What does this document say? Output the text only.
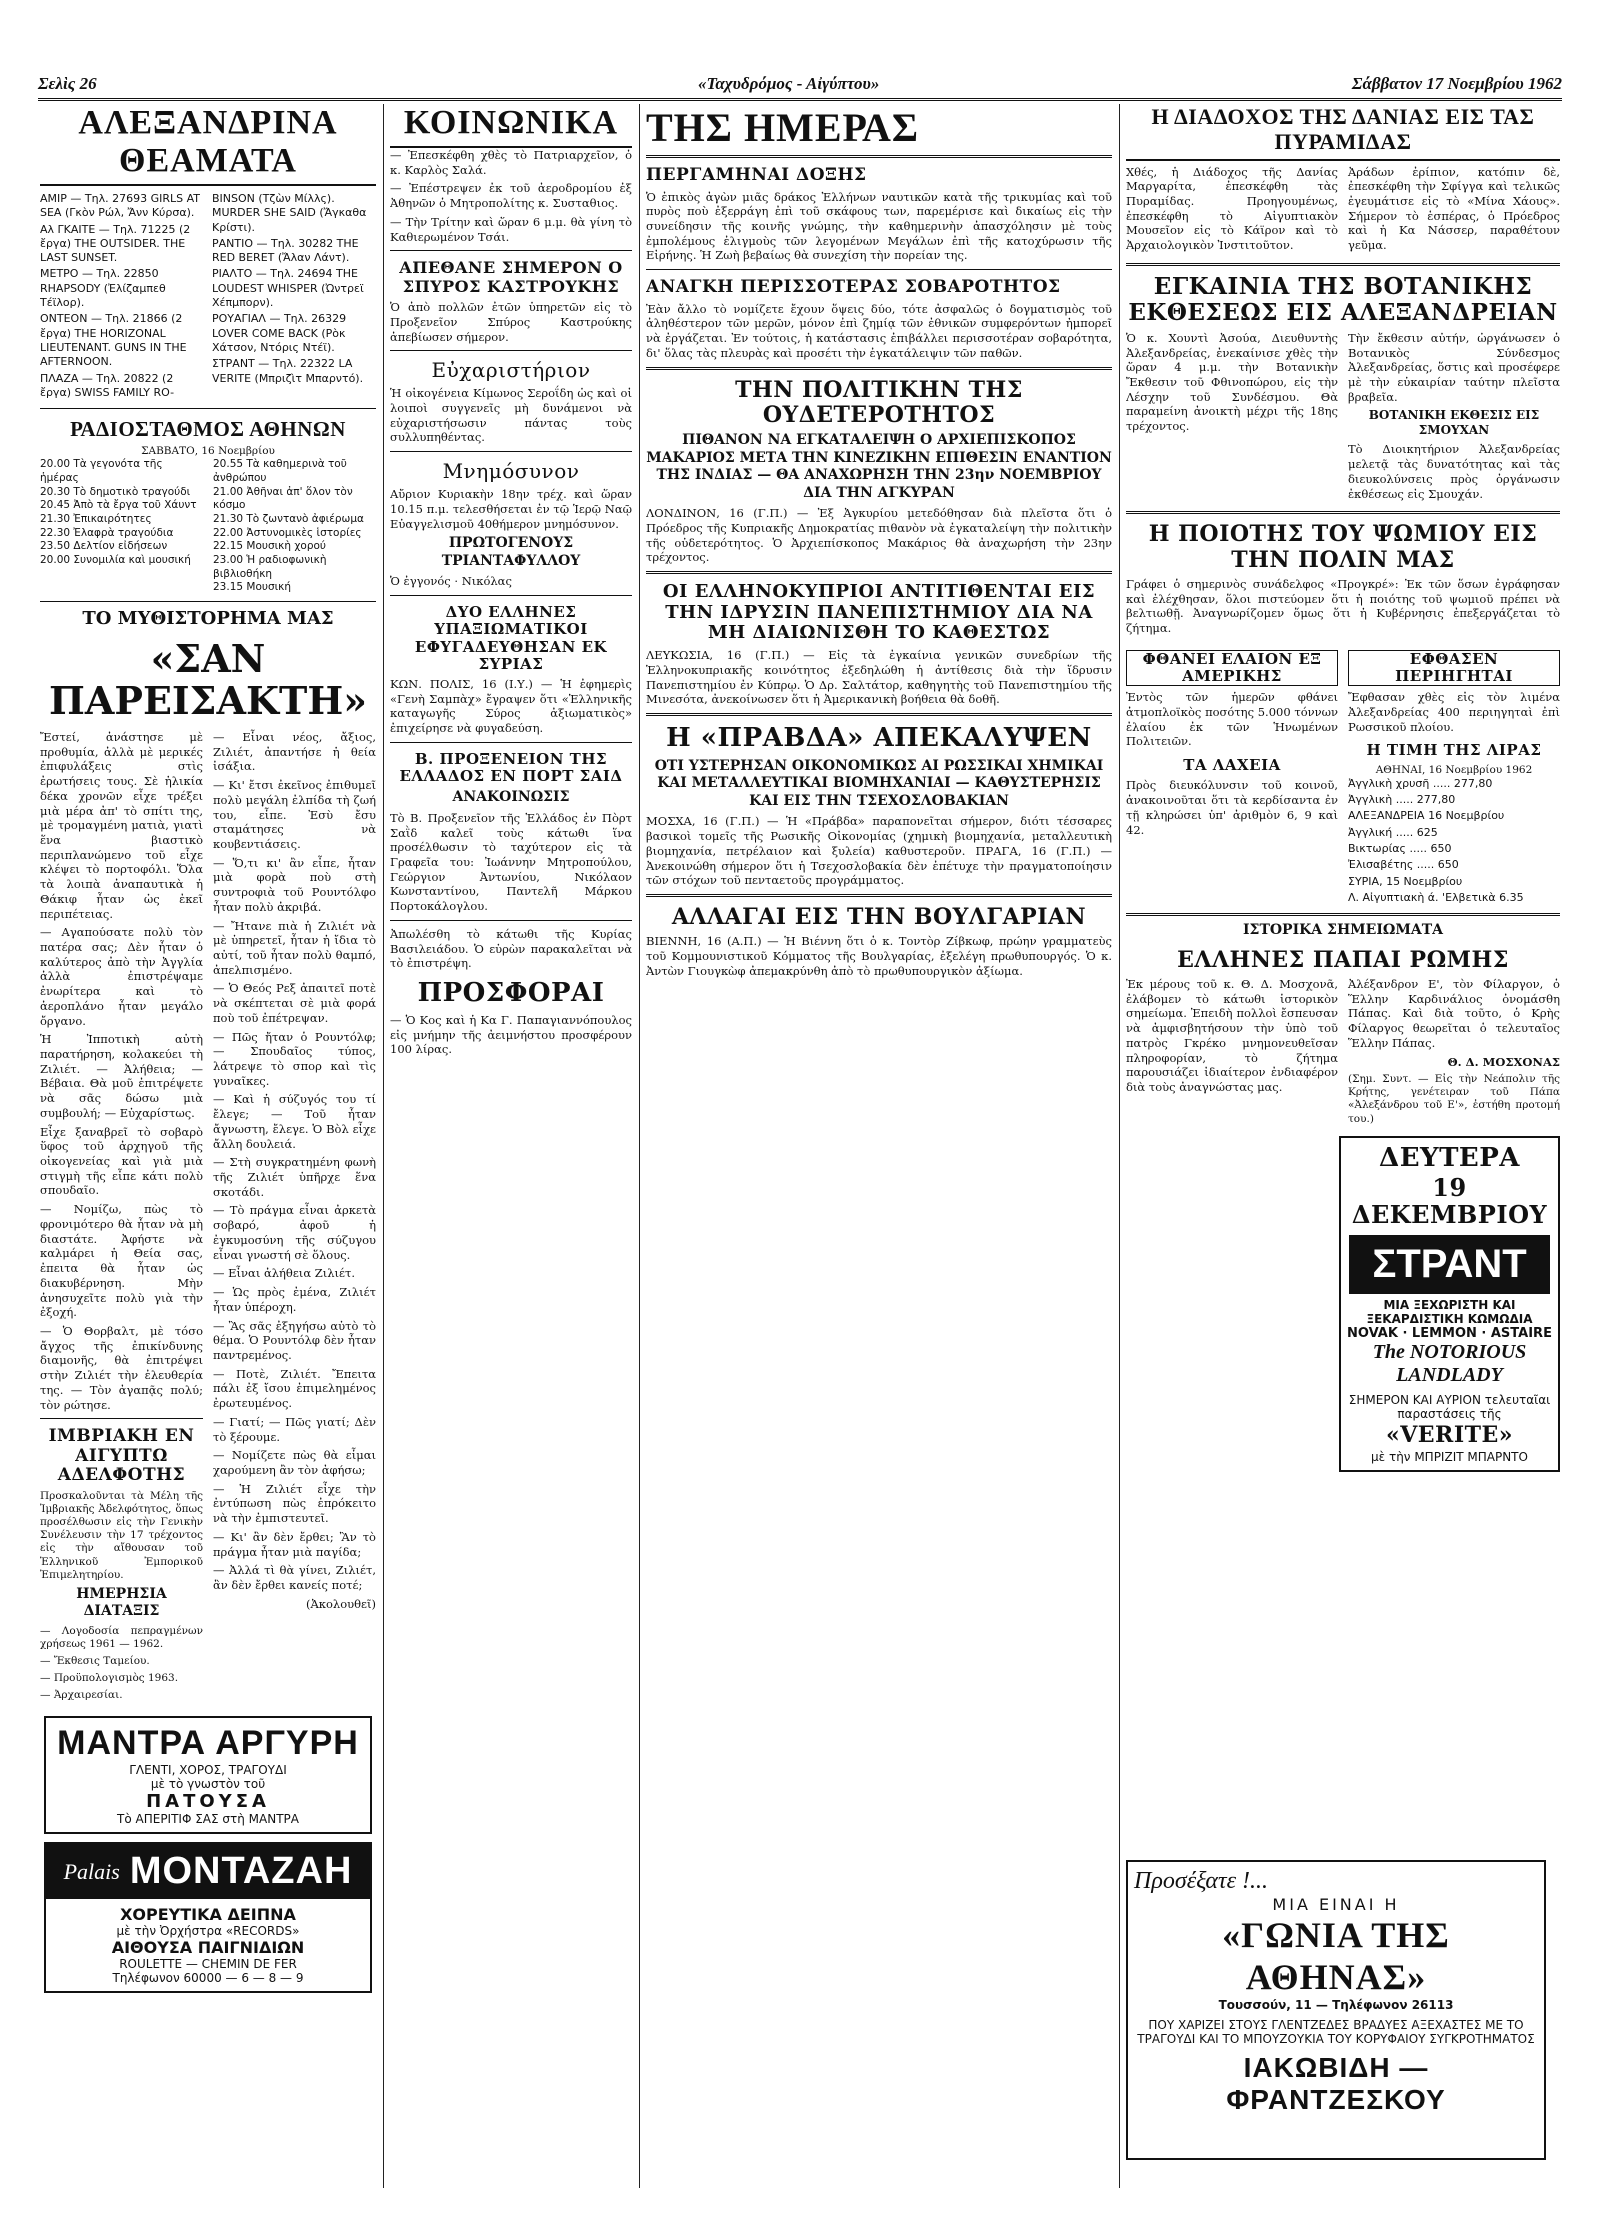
Σελὶς 26	«Ταχυδρόμος - Αἰγύπτου»	Σάββατον 17 Νοεμβρίου 1962
ΑΛΕΞΑΝΔΡΙΝΑ ΘΕΑΜΑΤΑ
ΑΜΙΡ — Τηλ. 27693 GIRLS AT SEA (Γκὸν Ρώλ, Ἄνν Κύρσα).
Αλ ΓΚΑΙΤΕ — Τηλ. 71225 (2 ἔργα) THE OUTSIDER. THE LAST SUNSET.
ΜΕΤΡΟ — Τηλ. 22850 RHAPSODY (Ἐλίζαμπεθ Τέϊλορ).
ΟΝΤΕΟΝ — Τηλ. 21866 (2 ἔργα) THE HORIZONAL LIEUTENANT. GUNS IN THE AFTERNOON.
ΠΛΑΖΑ — Τηλ. 20822 (2 ἔργα) SWISS FAMILY RO-
BINSON (Τζὼν Μίλλς). MURDER SHE SAID (Ἄγκαθα Κρίστι).
ΡΑΝΤΙΟ — Τηλ. 30282 THE RED BERET (Ἄλαν Λάντ).
ΡΙΑΛΤΟ — Τηλ. 24694 THE LOUDEST WHISPER (Ὠντρεϊ Χέπμπορν).
ΡΟΥΑΓΙΑΛ — Τηλ. 26329 LOVER COME BACK (Ρὸκ Χάτσον, Ντόρις Ντέϊ).
ΣΤΡΑΝΤ — Τηλ. 22322 LA VERITE (Μπριζὶτ Μπαρντό).
ΡΑΔΙΟΣΤΑΘΜΟΣ ΑΘΗΝΩΝ
ΣΑΒΒΑΤΟ, 16 Νοεμβρίου
20.00 Τὰ γεγονότα τῆς ἡμέρας
20.30 Τὸ δημοτικὸ τραγούδι
20.45 Ἀπὸ τὰ ἔργα τοῦ Χάυντ
21.30 Ἐπικαιρότητες
22.30 Ἐλαφρὰ τραγούδια
23.50 Δελτίον εἰδήσεων
20.00 Συνομιλία καὶ μουσική
20.55 Τὰ καθημερινὰ τοῦ ἀνθρώπου
21.00 Ἀθῆναι ἀπ' ὅλον τὸν κόσμο
21.30 Τὸ ζωντανὸ ἀφιέρωμα
22.00 Ἀστυνομικὲς ἱστορίες
22.15 Μουσικὴ χορού
23.00 Ἡ ραδιοφωνικὴ βιβλιοθήκη
23.15 Μουσική
ΤΟ ΜΥΘΙΣΤΟΡΗΜΑ ΜΑΣ
«ΣΑΝ ΠΑΡΕΙΣΑΚΤΗ»

Ἔστεί, ἀνάστησε μὲ προθυμία, ἀλλὰ μὲ μερικές ἐπιφυλάξεις στὶς ἐρωτήσεις τους. Σὲ ἡλικία δέκα χρονῶν εἶχε τρέξει μιὰ μέρα ἀπ' τὸ σπίτι της, μὲ τρομαγμένη ματιὰ, γιατὶ ἕνα βιαστικὸ περιπλανώμενο τοῦ εἶχε κλέψει τὸ πορτοφόλι. Ὅλα τὰ λοιπὰ ἀναπαυτικὰ ἡ Θάκιφ ἦταν ὡς ἐκεῖ περιπέτειας.

— Αγαπούσατε πολὺ τὸν πατέρα σας; Δὲν ἦταν ὁ καλύτερος ἀπὸ τὴν Ἀγγλία ἀλλὰ ἐπιστρέψαμε ἐνωρίτερα καὶ τὸ ἀεροπλάνο ἦταν μεγάλο ὄργανο.

Ἡ Ἰπποτικὴ αὐτὴ παρατήρηση, κολακεύει τὴ Ζιλιέτ. — Ἀλήθεια; — Βέβαια. Θὰ μοῦ ἐπιτρέψετε νὰ σᾶς δώσω μιὰ συμβουλή; — Εὐχαρίστως.

Εἶχε ξαναβρεῖ τὸ σοβαρὸ ὕφος τοῦ ἀρχηγοῦ τῆς οἰκογενείας καὶ γιὰ μιὰ στιγμὴ τῆς εἶπε κάτι πολὺ σπουδαῖο.

— Νομίζω, πὼς τὸ φρονιμότερο θὰ ἦταν νὰ μὴ διαστάτε. Ἀφήστε νὰ καλμάρει ἡ Θεία σας, ἐπειτα θὰ ἦταν ὡς διακυβέρνηση. Μὴν ἀνησυχεῖτε πολὺ γιὰ τὴν ἐξοχή.

— Ὁ Θορβαλτ, μὲ τόσο ἄγχος τῆς ἐπικίνδυνης διαμονῆς, θὰ ἐπιτρέψει στὴν Ζιλιέτ τὴν ἐλευθερία της. — Τὸν ἀγαπᾷς πολύ; τὸν ρώτησε.

ΙΜΒΡΙΑΚΗ ΕΝ ΑΙΓΥΠΤΩ ΑΔΕΛΦΟΤΗΣ

Προσκαλοῦνται τὰ Μέλη τῆς Ἰμβριακῆς Ἀδελφότητος, ὅπως προσέλθωσιν εἰς τὴν Γενικὴν Συνέλευσιν τὴν 17 τρέχοντος εἰς τὴν αἴθουσαν τοῦ Ἑλληνικοῦ Ἐμπορικοῦ Ἐπιμελητηρίου.

ΗΜΕΡΗΣΙΑ ΔΙΑΤΑΞΙΣ

— Λογοδοσία πεπραγμένων χρήσεως 1961 — 1962.

— Ἔκθεσις Ταμείου.

— Προϋπολογισμὸς 1963.

— Ἀρχαιρεσίαι.

— Εἶναι νέος, ἄξιος, Ζιλιέτ, ἀπαντήσε ἡ θεία ἰσάξια.

— Κι' ἔτσι ἐκεῖνος ἐπιθυμεῖ πολὺ μεγάλη ἐλπίδα τὴ ζωή του, εἶπε. Ἐσὺ ἔσυ σταμάτησες νὰ κουβεντιάσεις.

— Ὅ,τι κι' ἂν εἶπε, ἦταν μιὰ φορὰ ποὺ στὴ συντροφιὰ τοῦ Ρουντόλφο ἦταν πολὺ ἀκριβά.

— Ἤτανε πιὰ ἡ Ζιλιέτ νὰ μὲ ὑπηρετεῖ, ἦταν ἡ ἴδια τὸ αὐτί, τοῦ ἦταν πολὺ θαμπό, ἀπελπισμένο.

— Ὁ Θεός Ρεξ ἀπαιτεῖ ποτὲ νὰ σκέπτεται σὲ μιὰ φορά ποὺ τοῦ ἐπέτρεψαν.

— Πῶς ἤταν ὁ Ρουντόλφ; — Σπουδαῖος τύπος, λάτρεψε τὸ σπορ καὶ τὶς γυναῖκες.

— Καὶ ἡ σύζυγός του τί ἔλεγε; — Τοῦ ἦταν ἄγνωστη, ἔλεγε. Ὁ Βὸλ εἶχε ἄλλη δουλειά.

— Στὴ συγκρατημένη φωνὴ τῆς Ζιλιέτ ὑπῆρχε ἕνα σκοτάδι.

— Τὸ πράγμα εἶναι ἀρκετὰ σοβαρό, ἀφοῦ ἡ ἐγκυμοσύνη τῆς σύζυγου εἶναι γνωστή σὲ ὅλους.

— Εἶναι ἀλήθεια Ζιλιέτ.

— Ὡς πρὸς ἐμένα, Ζιλιέτ ἦταν ὑπέροχη.

— Ἂς σᾶς ἐξηγήσω αὐτὸ τὸ θέμα. Ὁ Ρουντόλφ δὲν ἦταν παντρεμένος.

— Ποτὲ, Ζιλιέτ. Ἔπειτα πάλι ἐξ ἴσου ἐπιμελημένος ἐρωτευμένος.

— Γιατί; — Πῶς γιατί; Δὲν τὸ ξέρουμε.

— Νομίζετε πὼς θὰ εἶμαι χαρούμενη ἂν τὸν ἀφήσω;

— Ἡ Ζιλιέτ εἶχε τὴν ἐντύπωση πὼς ἐπρόκειτο νὰ τὴν ἐμπιστευτεῖ.

— Κι' ἂν δὲν ἔρθει; Ἂν τὸ πράγμα ἦταν μιὰ παγίδα;

— Ἀλλά τὶ θὰ γίνει, Ζιλιέτ, ἂν δὲν ἔρθει κανείς ποτέ;

(Ἀκολουθεῖ)

ΜΑΝΤΡΑ ΑΡΓΥΡΗ
ΓΛΕΝΤΙ, ΧΟΡΟΣ, ΤΡΑΓΟΥΔΙ
μὲ τὸ γνωστὸν τοῦ
ΠΑΤΟΥΣΑ
Τὸ ΑΠΕΡΙΤΙΦ ΣΑΣ στὴ ΜΑΝΤΡΑ
Palais ΜΟΝΤΑΖΑΗ
ΧΟΡΕΥΤΙΚΑ ΔΕΙΠΝΑ
μὲ τὴν Ὀρχήστρα «RECORDS»
ΑΙΘΟΥΣΑ ΠΑΙΓΝΙΔΙΩΝ
ROULETTE — CHEMIN DE FER
Τηλέφωνον 60000 — 6 — 8 — 9
ΚΟΙΝΩΝΙΚΑ

— Ἐπεσκέφθη χθὲς τὸ Πατριαρχεῖον, ὁ κ. Καρλὸς Σαλά.

— Ἐπέστρεψεν ἐκ τοῦ ἀεροδρομίου ἐξ Ἀθηνῶν ὁ Μητροπολίτης κ. Συσταθιος.

— Τὴν Τρίτην καὶ ὥραν 6 μ.μ. θὰ γίνη τὸ Καθιερωμένον Τσάι.

ΑΠΕΘΑΝΕ ΣΗΜΕΡΟΝ Ο ΣΠΥΡΟΣ ΚΑΣΤΡΟΥΚΗΣ

Ὁ ἀπὸ πολλῶν ἐτῶν ὑπηρετῶν εἰς τὸ Προξενεῖον Σπύρος Καστρούκης ἀπεβίωσεν σήμερον.

Εὐχαριστήριον

Ἡ οἰκογένεια Κίμωνος Σεροΐδη ὡς καὶ οἱ λοιποὶ συγγενεῖς μὴ δυνάμενοι νὰ εὐχαριστήσωσιν πάντας τοὺς συλλυπηθέντας.

Μνημόσυνον

Αὔριον Κυριακὴν 18ην τρέχ. καὶ ὥραν 10.15 π.μ. τελεσθήσεται ἐν τῷ Ἱερῷ Ναῷ Εὐαγγελισμοῦ 40θήμερον μνημόσυνον.

ΠΡΩΤΟΓΕΝΟΥΣ ΤΡΙΑΝΤΑΦΥΛΛΟΥ

Ὁ ἐγγονός · Νικόλας

ΔΥΟ ΕΛΛΗΝΕΣ ΥΠΑΞΙΩΜΑΤΙΚΟΙ ΕΦΥΓΑΔΕΥΘΗΣΑΝ ΕΚ ΣΥΡΙΑΣ

ΚΩΝ. ΠΟΛΙΣ, 16 (Ι.Υ.) — Ἡ ἐφημερὶς «Γενὴ Σαμπὰχ» ἔγραψεν ὅτι «Ἑλληνικῆς καταγωγῆς Σύρος ἀξιωματικὸς» ἐπιχείρησε νὰ φυγαδεύση.

Β. ΠΡΟΞΕΝΕΙΟΝ ΤΗΣ ΕΛΛΑΔΟΣ ΕΝ ΠΟΡΤ ΣΑΙΔ
ΑΝΑΚΟΙΝΩΣΙΣ

Τὸ Β. Προξενεῖον τῆς Ἑλλάδος ἐν Πὸρτ Σαῒδ καλεῖ τοὺς κάτωθι ἵνα προσέλθωσιν τὸ ταχύτερον εἰς τὰ Γραφεῖα του: Ἰωάννην Μητροπούλου, Γεώργιον Ἀντωνίου, Νικόλαον Κωνσταντίνου, Παντελῆ Μάρκου Πορτοκάλογλου.

Ἀπωλέσθη τὸ κάτωθι τῆς Κυρίας Βασιλειάδου. Ὁ εὑρὼν παρακαλεῖται νὰ τὸ ἐπιστρέψη.

ΠΡΟΣΦΟΡΑΙ

— Ὁ Κος καὶ ἡ Κα Γ. Παπαγιαννόπουλος εἰς μνήμην τῆς ἀειμνήστου προσφέρουν 100 λίρας.

ΤΗΣ ΗΜΕΡΑΣ
ΠΕΡΓΑΜΗΝΑΙ ΔΟΞΗΣ

Ὁ ἐπικὸς ἀγὼν μιᾶς δράκος Ἑλλήνων ναυτικῶν κατὰ τῆς τρικυμίας καὶ τοῦ πυρὸς ποὺ ἐξερράγη ἐπὶ τοῦ σκάφους των, παρεμέρισε καὶ δικαίως εἰς τὴν συνείδησιν τῆς κοινῆς γνώμης, τὴν καθημερινὴν ἀπασχόλησιν μὲ τοὺς ἐμπολέμους ἐλιγμοὺς τῶν λεγομένων Μεγάλων ἐπὶ τῆς κατοχύρωσιν τῆς Εἰρήνης. Ἡ Ζωὴ βεβαίως θὰ συνεχίση τὴν πορείαν της.

ΑΝΑΓΚΗ ΠΕΡΙΣΣΟΤΕΡΑΣ ΣΟΒΑΡΟΤΗΤΟΣ

Ἐὰν ἄλλο τὸ νομίζετε ἔχουν ὅψεις δύο, τότε ἀσφαλῶς ὁ δογματισμὸς τοῦ ἀληθέστερον τῶν μερῶν, μόνον ἐπὶ ζημίᾳ τῶν ἐθνικῶν συμφερόντων ἠμπορεῖ νὰ ἐργάζεται. Ἐν τούτοις, ἡ κατάστασις ἐπιβάλλει περισσοτέραν σοβαρότητα, δι' ὅλας τὰς πλευρὰς καὶ προσέτι τὴν ἐγκατάλειψιν τῶν παθῶν.

ΤΗΝ ΠΟΛΙΤΙΚΗΝ ΤΗΣ ΟΥΔΕΤΕΡΟΤΗΤΟΣ
ΠΙΘΑΝΟΝ ΝΑ ΕΓΚΑΤΑΛΕΙΨΗ Ο ΑΡΧΙΕΠΙΣΚΟΠΟΣ ΜΑΚΑΡΙΟΣ ΜΕΤΑ ΤΗΝ ΚΙΝΕΖΙΚΗΝ ΕΠΙΘΕΣΙΝ ΕΝΑΝΤΙΟΝ ΤΗΣ ΙΝΔΙΑΣ — ΘΑ ΑΝΑΧΩΡΗΣΗ ΤΗΝ 23ην ΝΟΕΜΒΡΙΟΥ ΔΙΑ ΤΗΝ ΑΓΚΥΡΑΝ

ΛΟΝΔΙΝΟΝ, 16 (Γ.Π.) — Ἐξ Ἀγκυρίου μετεδόθησαν διὰ πλεῖστα ὅτι ὁ Πρόεδρος τῆς Κυπριακῆς Δημοκρατίας πιθανὸν νὰ ἐγκαταλείψη τὴν πολιτικὴν τῆς οὐδετερότητος. Ὁ Ἀρχιεπίσκοπος Μακάριος θὰ ἀναχωρήση τὴν 23ην τρέχοντος.

ΟΙ ΕΛΛΗΝΟΚΥΠΡΙΟΙ ΑΝΤΙΤΙΘΕΝΤΑΙ ΕΙΣ ΤΗΝ ΙΔΡΥΣΙΝ ΠΑΝΕΠΙΣΤΗΜΙΟΥ ΔΙΑ ΝΑ ΜΗ ΔΙΑΙΩΝΙΣΘΗ ΤΟ ΚΑΘΕΣΤΩΣ

ΛΕΥΚΩΣΙΑ, 16 (Γ.Π.) — Εἰς τὰ ἐγκαίνια γενικῶν συνεδρίων τῆς Ἑλληνοκυπριακῆς κοινότητος ἐξεδηλώθη ἡ ἀντίθεσις διὰ τὴν ἵδρυσιν Πανεπιστημίου ἐν Κύπρῳ. Ὁ Δρ. Σαλτάτορ, καθηγητὴς τοῦ Πανεπιστημίου τῆς Μινεσότα, ἀνεκοίνωσεν ὅτι ἡ Ἀμερικανικὴ βοήθεια θὰ δοθῆ.

Η «ΠΡΑΒΔΑ» ΑΠΕΚΑΛΥΨΕΝ
ΟΤΙ ΥΣΤΕΡΗΣΑΝ ΟΙΚΟΝΟΜΙΚΩΣ ΑΙ ΡΩΣΣΙΚΑΙ ΧΗΜΙΚΑΙ ΚΑΙ ΜΕΤΑΛΛΕΥΤΙΚΑΙ ΒΙΟΜΗΧΑΝΙΑΙ — ΚΑΘΥΣΤΕΡΗΣΙΣ ΚΑΙ ΕΙΣ ΤΗΝ ΤΣΕΧΟΣΛΟΒΑΚΙΑΝ

ΜΟΣΧΑ, 16 (Γ.Π.) — Ἡ «Πράβδα» παραπονεῖται σήμερον, διότι τέσσαρες βασικοὶ τομεῖς τῆς Ρωσικῆς Οἰκονομίας (χημικὴ βιομηχανία, μεταλλευτικὴ βιομηχανία, πετρέλαιον καὶ ξυλεία) καθυστεροῦν. ΠΡΑΓΑ, 16 (Γ.Π.) — Ἀνεκοινώθη σήμερον ὅτι ἡ Τσεχοσλοβακία δὲν ἐπέτυχε τὴν πραγματοποίησιν τῶν στόχων τοῦ πενταετοῦς προγράμματος.

ΑΛΛΑΓΑΙ ΕΙΣ ΤΗΝ ΒΟΥΛΓΑΡΙΑΝ

ΒΙΕΝΝΗ, 16 (Α.Π.) — Ἡ Βιέννη ὅτι ὁ κ. Τοντὸρ Ζίβκωφ, πρώην γραμματεὺς τοῦ Κομμουνιστικοῦ Κόμματος τῆς Βουλγαρίας, ἐξελέγη πρωθυπουργός. Ὁ κ. Ἀντὼν Γιουγκὼφ ἀπεμακρύνθη ἀπὸ τὸ πρωθυπουργικὸν ἀξίωμα.

Η ΔΙΑΔΟΧΟΣ ΤΗΣ ΔΑΝΙΑΣ ΕΙΣ ΤΑΣ ΠΥΡΑΜΙΔΑΣ

Χθές, ἡ Διάδοχος τῆς Δανίας Μαργαρίτα, ἐπεσκέφθη τὰς Πυραμίδας. Προηγουμένως, ἐπεσκέφθη τὸ Αἰγυπτιακὸν Μουσεῖον εἰς τὸ Κάϊρον καὶ τὸ Ἀρχαιολογικὸν Ἰνστιτοῦτον.

Ἀράδων ἐρίπιον, κατόπιν δὲ, ἐπεσκέφθη τὴν Σφίγγα καὶ τελικῶς ἐγευμάτισε εἰς τὸ «Μίνα Χάους». Σήμερον τὸ ἑσπέρας, ὁ Πρόεδρος καὶ ἡ Κα Νάσσερ, παραθέτουν γεῦμα.

ΕΓΚΑΙΝΙΑ ΤΗΣ ΒΟΤΑΝΙΚΗΣ ΕΚΘΕΣΕΩΣ ΕΙΣ ΑΛΕΞΑΝΔΡΕΙΑΝ

Ὁ κ. Χουντὶ Ἀσούα, Διευθυντὴς Ἀλεξανδρείας, ἐνεκαίνισε χθὲς τὴν ὥραν 4 μ.μ. τὴν Βοτανικὴν Ἔκθεσιν τοῦ Φθινοπώρου, εἰς τὴν Λέσχην τοῦ Συνδέσμου. Θὰ παραμείνη ἀνοικτὴ μέχρι τῆς 18ης τρέχοντος.

Τὴν ἔκθεσιν αὐτήν, ὠργάνωσεν ὁ Βοτανικὸς Σύνδεσμος Ἀλεξανδρείας, ὅστις καὶ προσέφερε μὲ τὴν εὐκαιρίαν ταύτην πλεῖστα βραβεῖα.

ΒΟΤΑΝΙΚΗ ΕΚΘΕΣΙΣ ΕΙΣ ΣΜΟΥΧΑΝ

Τὸ Διοικητήριον Ἀλεξανδρείας μελετᾷ τὰς δυνατότητας καὶ τὰς διευκολύνσεις πρὸς ὀργάνωσιν ἐκθέσεως εἰς Σμουχάν.

Η ΠΟΙΟΤΗΣ ΤΟΥ ΨΩΜΙΟΥ ΕΙΣ ΤΗΝ ΠΟΛΙΝ ΜΑΣ

Γράφει ὁ σημερινὸς συνάδελφος «Προγκρέ»: Ἐκ τῶν ὅσων ἐγράφησαν καὶ ἐλέχθησαν, ὅλοι πιστεύομεν ὅτι ἡ ποιότης τοῦ ψωμιοῦ πρέπει νὰ βελτιωθῇ. Ἀναγνωρίζομεν ὅμως ὅτι ἡ Κυβέρνησις ἐπεξεργάζεται τὸ ζήτημα.

ΦΘΑΝΕΙ ΕΛΑΙΟΝ ΕΞ ΑΜΕΡΙΚΗΣ

Ἐντὸς τῶν ἡμερῶν φθάνει ἀτμοπλοϊκὸς ποσότης 5.000 τόννων ἐλαίου ἐκ τῶν Ἡνωμένων Πολιτειῶν.

ΤΑ ΛΑΧΕΙΑ

Πρὸς διευκόλυνσιν τοῦ κοινοῦ, ἀνακοινοῦται ὅτι τὰ κερδίσαντα ἐν τῇ κληρώσει ὑπ' ἀριθμὸν 6, 9 καὶ 42.

ΕΦΘΑΣΕΝ ΠΕΡΙΗΓΗΤΑΙ

Ἔφθασαν χθὲς εἰς τὸν λιμένα Ἀλεξανδρείας 400 περιηγηταὶ ἐπὶ Ρωσσικοῦ πλοίου.

Η ΤΙΜΗ ΤΗΣ ΛΙΡΑΣ
ΑΘΗΝΑΙ, 16 Νοεμβρίου 1962
Ἀγγλικὴ χρυσῆ ..... 277,80
Ἀγγλικὴ ..... 277,80
ΑΛΕΞΑΝΔΡΕΙΑ 16 Νοεμβρίου
Ἀγγλική ..... 625
Βικτωρίας ..... 650
Ἐλισαβέτης ..... 650
ΣΥΡΙΑ, 15 Νοεμβρίου
Λ. Αἰγυπτιακὴ ά. 'Ελβετικὰ 6.35
ΙΣΤΟΡΙΚΑ ΣΗΜΕΙΩΜΑΤΑ
ΕΛΛΗΝΕΣ ΠΑΠΑΙ ΡΩΜΗΣ

Ἐκ μέρους τοῦ κ. Θ. Δ. Μοσχονᾶ, ἐλάβομεν τὸ κάτωθι ἱστορικὸν σημείωμα. Ἐπειδὴ πολλοὶ ἔσπευσαν νὰ ἀμφισβητήσουν τὴν ὑπὸ τοῦ πατρὸς Γκρέκο μνημονευθεῖσαν πληροφορίαν, τὸ ζήτημα παρουσιάζει ἰδιαίτερον ἐνδιαφέρον διὰ τοὺς ἀναγνώστας μας.

Ἀλέξανδρον Ε', τὸν Φίλαργον, ὁ Ἕλλην Καρδινάλιος ὀνομάσθη Πάπας. Καὶ διὰ τοῦτο, ὁ Κρὴς Φίλαργος θεωρεῖται ὁ τελευταῖος Ἕλλην Πάπας.

Θ. Δ. ΜΟΣΧΟΝΑΣ

(Σημ. Συντ. — Εἰς τὴν Νεάπολιν τῆς Κρήτης, γενέτειραν τοῦ Πάπα «Ἀλεξάνδρου τοῦ Ε'», ἐστήθη προτομή του.)

ΔΕΥΤΕΡΑ
19 ΔΕΚΕΜΒΡΙΟΥ
ΣΤΡΑΝΤ
ΜΙΑ ΞΕΧΩΡΙΣΤΗ ΚΑΙ ΞΕΚΑΡΔΙΣΤΙΚΗ ΚΩΜΩΔΙΑ
NOVAK · LEMMON · ASTAIRE
The NOTORIOUS LANDLADY
ΣΗΜΕΡΟΝ ΚΑΙ ΑΥΡΙΟΝ τελευταῖαι παραστάσεις τῆς
«VERITE»
μὲ τὴν ΜΠΡΙΖΙΤ ΜΠΑΡΝΤΟ
Προσέξατε !...
ΜΙΑ ΕΙΝΑΙ Η
«ΓΩΝΙΑ ΤΗΣ ΑΘΗΝΑΣ»
Τουσσούν, 11 — Τηλέφωνον 26113
ΠΟΥ ΧΑΡΙΖΕΙ ΣΤΟΥΣ ΓΛΕΝΤΖΕΔΕΣ ΒΡΑΔΥΕΣ ΑΞΕΧΑΣΤΕΣ ΜΕ ΤΟ ΤΡΑΓΟΥΔΙ ΚΑΙ ΤΟ ΜΠΟΥΖΟΥΚΙΑ ΤΟΥ ΚΟΡΥΦΑΙΟΥ ΣΥΓΚΡΟΤΗΜΑΤΟΣ
ΙΑΚΩΒΙΔΗ — ΦΡΑΝΤΖΕΣΚΟΥ
